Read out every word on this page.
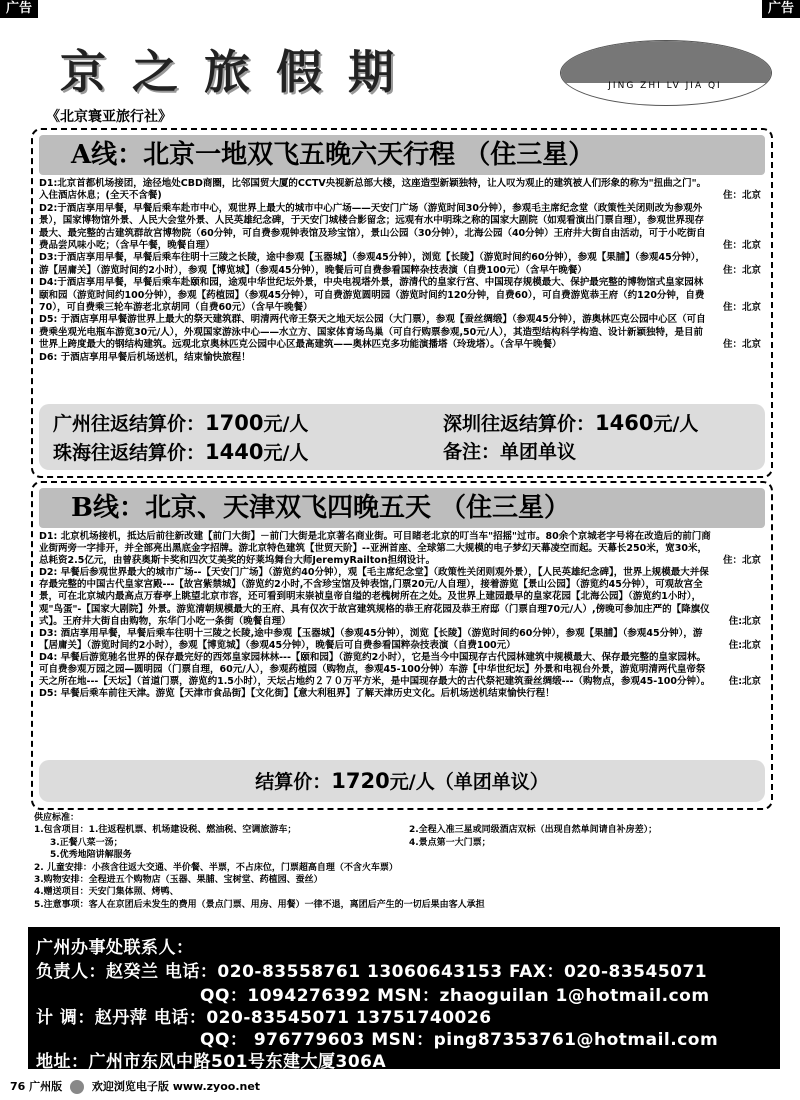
广告	广告
京之旅假期	JING ZHI LV JIA QI
《北京寰亚旅行社》
A线：北京一地双飞五晚六天行程 （住三星）
D1:北京首都机场接团，途径地处CBD商圈，比邻国贸大厦的CCTV央视新总部大楼，这座造型新颖独特，让人叹为观止的建筑被人们形象的称为"扭曲之门"。入住酒店休息；(全天不含餐)	住：北京
D2:于酒店享用早餐，早餐后乘车赴市中心，观世界上最大的城市中心广场——天安门广场（游览时间30分钟），参观毛主席纪念堂（政策性关闭则改为参观外景），国家博物馆外景、人民大会堂外景、人民英雄纪念碑，于天安门城楼合影留念；远观有水中明珠之称的国家大剧院（如观看演出门票自理），参观世界现存最大、最完整的古建筑群故宫博物院（60分钟，可自费参观钟表馆及珍宝馆），景山公园（30分钟），北海公园（40分钟）王府井大街自由活动，可于小吃街自费品尝风味小吃；（含早午餐，晚餐自理）	住：北京
D3:于酒店享用早餐，早餐后乘车往明十三陵之长陵，途中参观【玉器城】（参观45分钟），浏览【长陵】（游览时间约60分钟），参观【果脯】（参观45分钟），游【居庸关】（游览时间约2小时），参观【博览城】（参观45分钟），晚餐后可自费参看国粹杂技表演（自费100元）（含早午晚餐）	住：北京
D4:于酒店享用早餐，早餐后乘车赴颐和园，途观中华世纪坛外景，中央电视塔外景，游清代的皇家行宫、中国现存规模最大、保护最完整的博物馆式皇家园林颐和园（游览时间约100分钟），参观【药植园】（参观45分钟），可自费游览圆明园（游览时间约120分钟，自费60），可自费游览恭王府（约120分钟，自费70），可自费乘三轮车游老北京胡同（自费60元）（含早午晚餐）	住：北京
D5: 于酒店享用早餐游世界上最大的祭天建筑群、明清两代帝王祭天之地天坛公园（大门票），参观【蚕丝绸缎】（参观45分钟），游奥林匹克公园中心区（可自费乘坐观光电瓶车游览30元/人），外观国家游泳中心——水立方、国家体育场鸟巢（可自行购票参观,50元/人），其造型结构科学构造、设计新颖独特，是目前世界上跨度最大的钢结构建筑。远观北京奥林匹克公园中心区最高建筑——奥林匹克多功能演播塔（玲珑塔）。（含早午晚餐）	住：北京
D6: 于酒店享用早餐后机场送机，结束愉快旅程！
广州往返结算价：1700元/人	深圳往返结算价：1460元/人
珠海往返结算价：1440元/人	备注：单团单议
B线：北京、天津双飞四晚五天 （住三星）
D1: 北京机场接机，抵达后前往新改建【前门大街】－前门大街是北京著名商业街。可目睹老北京的叮当车"招摇"过市。80余个京城老字号将在改造后的前门商业街两旁一字排开，并全部亮出黑底金字招牌。游北京特色建筑【世贸天阶】--亚洲首座、全球第二大规模的电子梦幻天幕凌空而起。天幕长250米，宽30米，总耗资2.5亿元，由曾获奥斯卡奖和四次艾美奖的好莱坞舞台大师JeremyRailton担纲设计。	住：北京
D2: 早餐后参观世界最大的城市广场--【天安门广场】（游览约40分钟），观【毛主席纪念堂】（政策性关闭则观外景），【人民英雄纪念碑】，世界上规模最大并保存最完整的中国古代皇家宫殿---【故宫紫禁城】（游览约2小时,不含珍宝馆及钟表馆,门票20元/人自理），接着游览【景山公园】（游览约45分钟），可观故宫全景，可在北京城内最高点万春亭上眺望北京市容，还可看到明末崇祯皇帝自缢的老槐树所在之处。及世界上建园最早的皇家花园【北海公园】（游览约1小时），观"鸟蛋"-【国家大剧院】外景。游览清朝规模最大的王府、具有仅次于故宫建筑规格的恭王府花园及恭王府邸（门票自理70元/人）,傍晚可参加庄严的【降旗仪式】。王府井大街自由购物，东华门小吃一条街（晚餐自理）	住:北京
D3: 酒店享用早餐，早餐后乘车往明十三陵之长陵,途中参观【玉器城】（参观45分钟），浏览【长陵】（游览时间约60分钟），参观【果脯】（参观45分钟），游【居庸关】（游览时间约2小时），参观【博览城】（参观45分钟），晚餐后可自费参看国粹杂技表演（自费100元）	住:北京
D4: 早餐后游览驰名世界的保存最完好的西郊皇家园林林---【颐和园】（游览约2小时），它是当今中国现存古代园林建筑中规模最大、保存最完整的皇家园林。可自费参观万园之园—圆明园（门票自理，60元/人），参观药植园（购物点，参观45-100分钟）车游【中华世纪坛】外景和电视台外景，游览明清两代皇帝祭天之所在地---【天坛】（首道门票，游览约1.5小时），天坛占地约２７０万平方米，是中国现存最大的古代祭祀建筑蚕丝绸缎---（购物点，参观45-100分钟）。	住:北京
D5: 早餐后乘车前往天津。游览【天津市食品街】【文化街】【意大利租界】了解天津历史文化。后机场送机结束愉快行程！
结算价：1720元/人（单团单议）
供应标准：
1.包含项目：1.往返程机票、机场建设税、燃油税、空调旅游车；	2.全程入准三星或同级酒店双标（出现自然单间请自补房差）；
3.正餐八菜一汤；	4.景点第一大门票；
5.优秀地陪讲解服务
2. 儿童安排：小孩含往返大交通、半价餐、半票，不占床位，门票超高自理（不含火车票）
3.购物安排：全程进五个购物店（玉器、果脯、宝树堂、药植园、蚕丝）
4.赠送项目：天安门集体照、烤鸭、
5.注意事项：客人在京团后未发生的费用（景点门票、用房、用餐）一律不退，离团后产生的一切后果由客人承担
广州办事处联系人：
负责人：赵癸兰 电话：020-83558761 13060643153 FAX：020-83545071
QQ：1094276392 MSN：zhaoguilan 1@hotmail.com
计 调：赵丹萍 电话：020-83545071 13751740026
QQ： 976779603 MSN：ping87353761@hotmail.com
地址：广州市东风中路501号东建大厦306A
76 广州版	欢迎浏览电子版 www.zyoo.net
